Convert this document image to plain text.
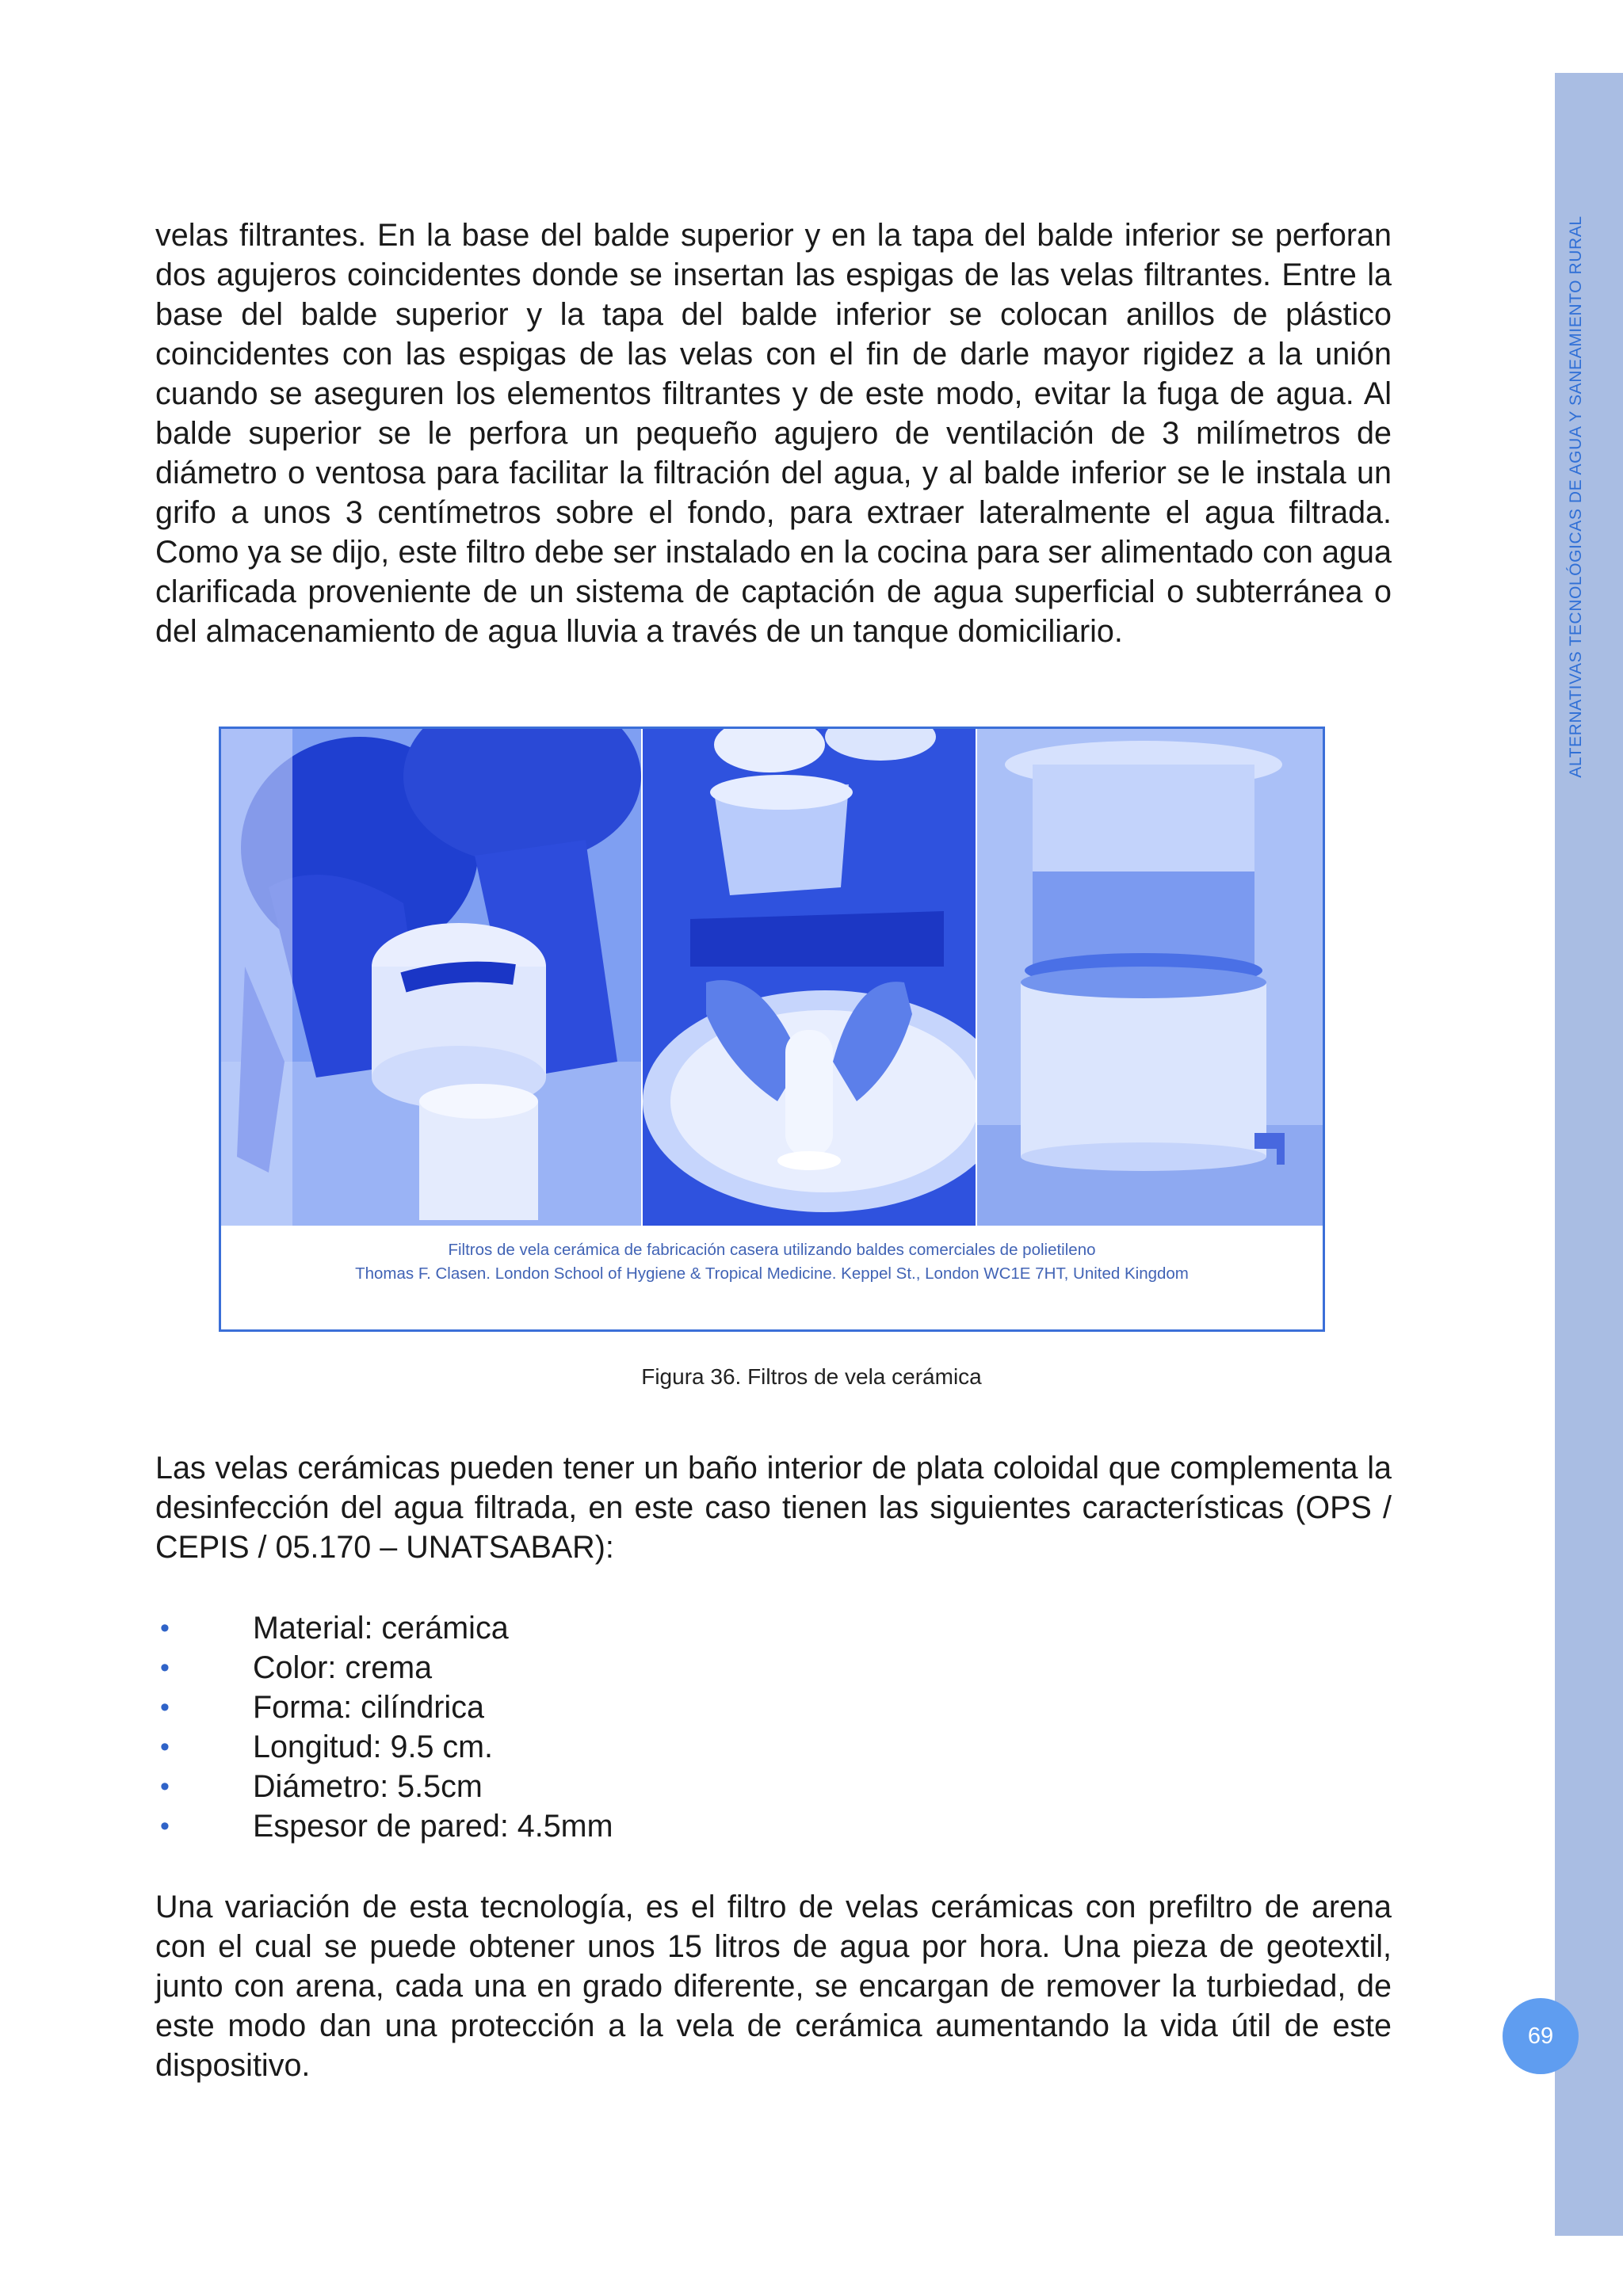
ALTERNATIVAS TECNOLÓGICAS DE AGUA Y SANEAMIENTO RURAL
69

velas filtrantes. En la base del balde superior y en la tapa del balde inferior se perforan dos agujeros coincidentes donde se insertan las espigas de las velas filtrantes. Entre la base del balde superior y la tapa del balde inferior se colocan anillos de plástico coincidentes con las espigas de las velas con el fin de darle mayor rigidez a la unión cuando se aseguren los elementos filtrantes y de este modo, evitar la fuga de agua. Al balde superior se le perfora un pequeño agujero de ventilación de 3 milímetros de diámetro o ventosa para facilitar la filtración del agua, y al balde inferior se le instala un grifo a unos 3 centímetros sobre el fondo, para extraer lateralmente el agua filtrada. Como ya se dijo, este filtro debe ser instalado en la cocina para ser alimentado con agua clarificada proveniente de un sistema de captación de agua superficial o subterránea o del almacenamiento de agua lluvia a través de un tanque domiciliario.

Filtros de vela cerámica de fabricación casera utilizando baldes comerciales de polietileno
Thomas F. Clasen. London School of Hygiene & Tropical Medicine. Keppel St., London WC1E 7HT, United Kingdom
Figura 36. Filtros de vela cerámica

Las velas cerámicas pueden tener un baño interior de plata coloidal que complementa la desinfección del agua filtrada, en este caso tienen las siguientes características (OPS / CEPIS / 05.170 – UNATSABAR):

•	Material: cerámica
•	Color: crema
•	Forma: cilíndrica
•	Longitud: 9.5 cm.
•	Diámetro: 5.5cm
•	Espesor de pared: 4.5mm

Una variación de esta tecnología, es el filtro de velas cerámicas con prefiltro de arena con el cual se puede obtener unos 15 litros de agua por hora. Una pieza de geotextil, junto con arena, cada una en grado diferente, se encargan de remover la turbiedad, de este modo dan una protección a la vela de cerámica aumentando la vida útil de este dispositivo.
